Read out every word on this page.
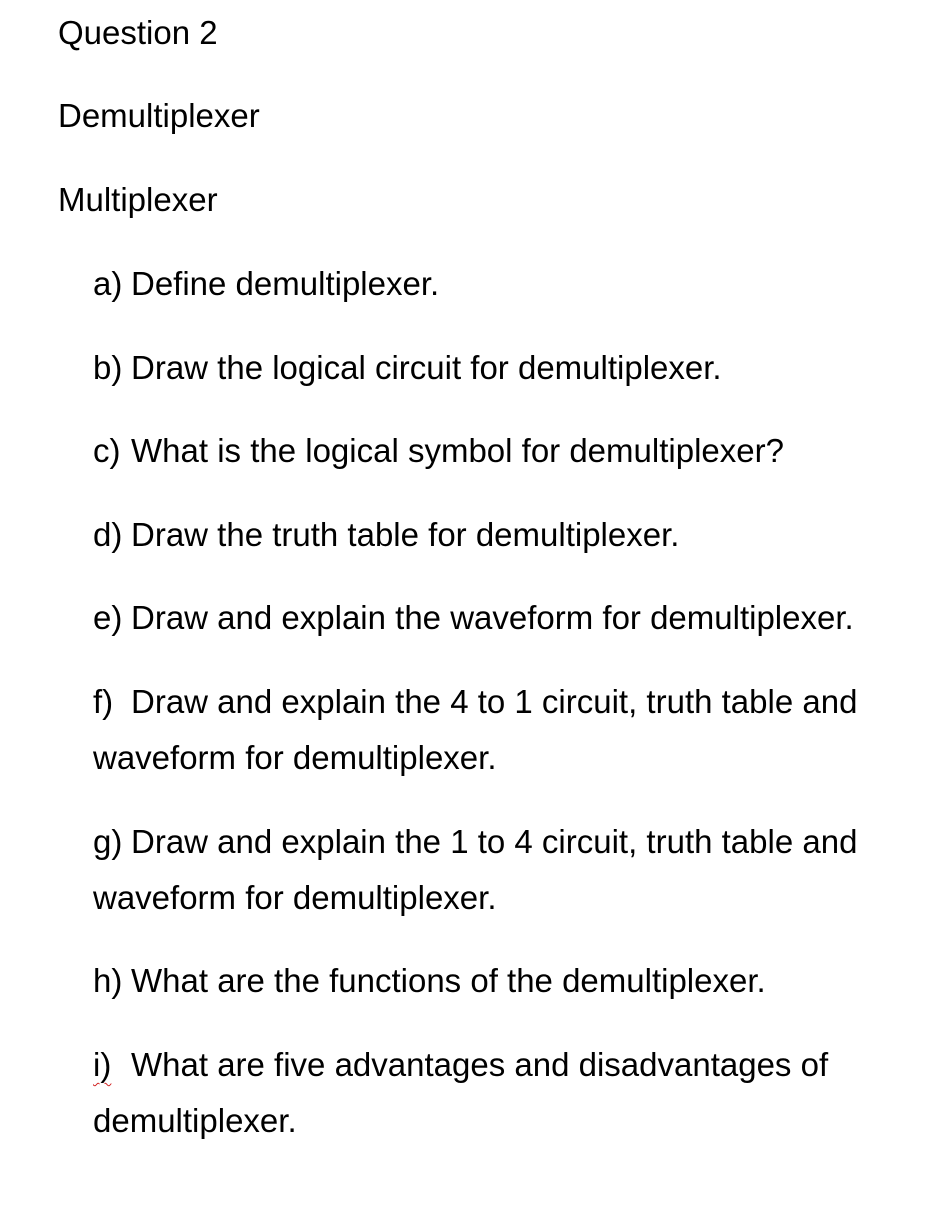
Question 2
Demultiplexer
Multiplexer
a) Define demultiplexer.
b) Draw the logical circuit for demultiplexer.
c) What is the logical symbol for demultiplexer?
d) Draw the truth table for demultiplexer.
e) Draw and explain the waveform for demultiplexer.
f) Draw and explain the 4 to 1 circuit, truth table and waveform for demultiplexer.
g) Draw and explain the 1 to 4 circuit, truth table and waveform for demultiplexer.
h) What are the functions of the demultiplexer.
i) What are five advantages and disadvantages of demultiplexer.
